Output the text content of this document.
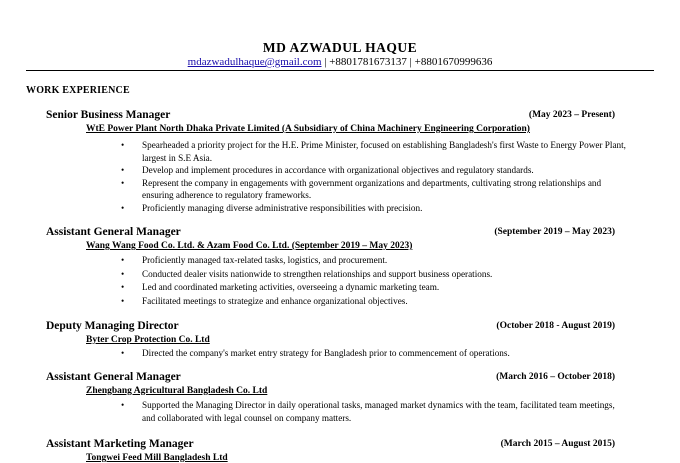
MD AZWADUL HAQUE
mdazwadulhaque@gmail.com | +8801781673137 | +8801670999636
WORK EXPERIENCE
Senior Business Manager	(May 2023 – Present)
WtE Power Plant North Dhaka Private Limited (A Subsidiary of China Machinery Engineering Corporation)
• Spearheaded a priority project for the H.E. Prime Minister, focused on establishing Bangladesh's first Waste to Energy Power Plant, largest in S.E Asia.
• Develop and implement procedures in accordance with organizational objectives and regulatory standards.
• Represent the company in engagements with government organizations and departments, cultivating strong relationships and ensuring adherence to regulatory frameworks.
• Proficiently managing diverse administrative responsibilities with precision.
Assistant General Manager	(September 2019 – May 2023)
Wang Wang Food Co. Ltd. & Azam Food Co. Ltd. (September 2019 – May 2023)
• Proficiently managed tax-related tasks, logistics, and procurement.
• Conducted dealer visits nationwide to strengthen relationships and support business operations.
• Led and coordinated marketing activities, overseeing a dynamic marketing team.
• Facilitated meetings to strategize and enhance organizational objectives.
Deputy Managing Director	(October 2018 - August 2019)
Byter Crop Protection Co. Ltd
• Directed the company's market entry strategy for Bangladesh prior to commencement of operations.
Assistant General Manager	(March 2016 – October 2018)
Zhengbang Agricultural Bangladesh Co. Ltd
• Supported the Managing Director in daily operational tasks, managed market dynamics with the team, facilitated team meetings, and collaborated with legal counsel on company matters.
Assistant Marketing Manager	(March 2015 – August 2015)
Tongwei Feed Mill Bangladesh Ltd
